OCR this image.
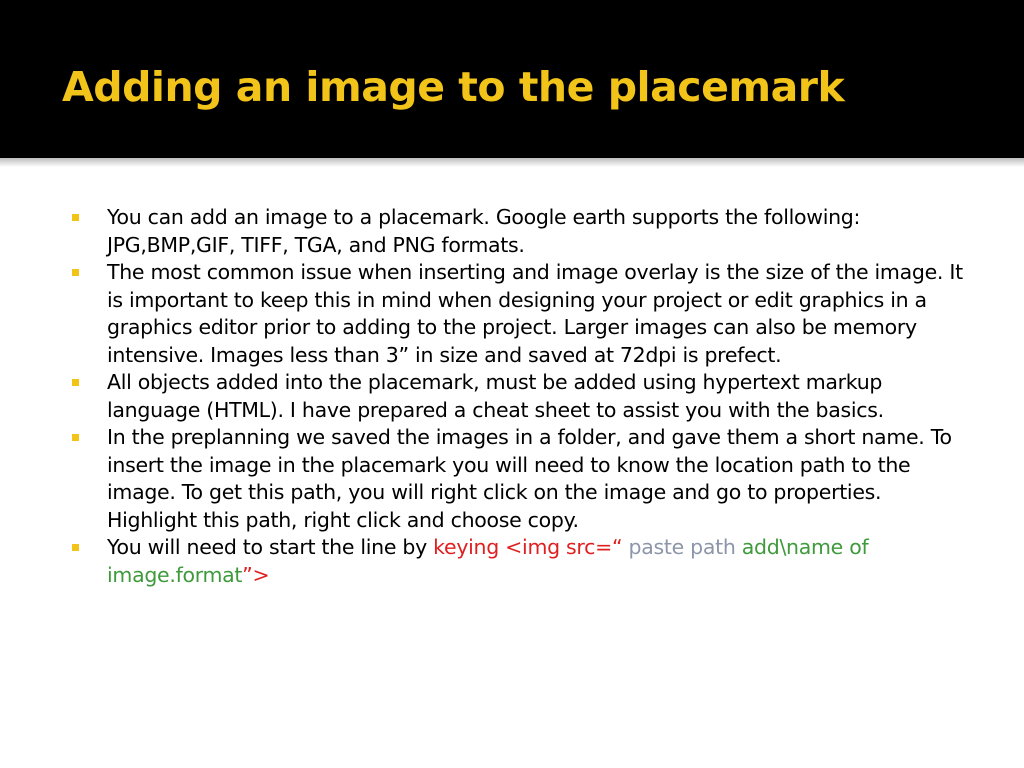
Adding an image to the placemark
You can add an image to a placemark. Google earth supports the following: JPG,BMP,GIF, TIFF, TGA, and PNG formats.
The most common issue when inserting and image overlay is the size of the image. It is important to keep this in mind when designing your project or edit graphics in a graphics editor prior to adding to the project. Larger images can also be memory intensive. Images less than 3” in size and saved at 72dpi is prefect.
All objects added into the placemark, must be added using hypertext markup language (HTML). I have prepared a cheat sheet to assist you with the basics.
In the preplanning we saved the images in a folder, and gave them a short name. To insert the image in the placemark you will need to know the location path to the image. To get this path, you will right click on the image and go to properties. Highlight this path, right click and choose copy.
You will need to start the line by keying <img src=“ paste path add\name of image.format”>
